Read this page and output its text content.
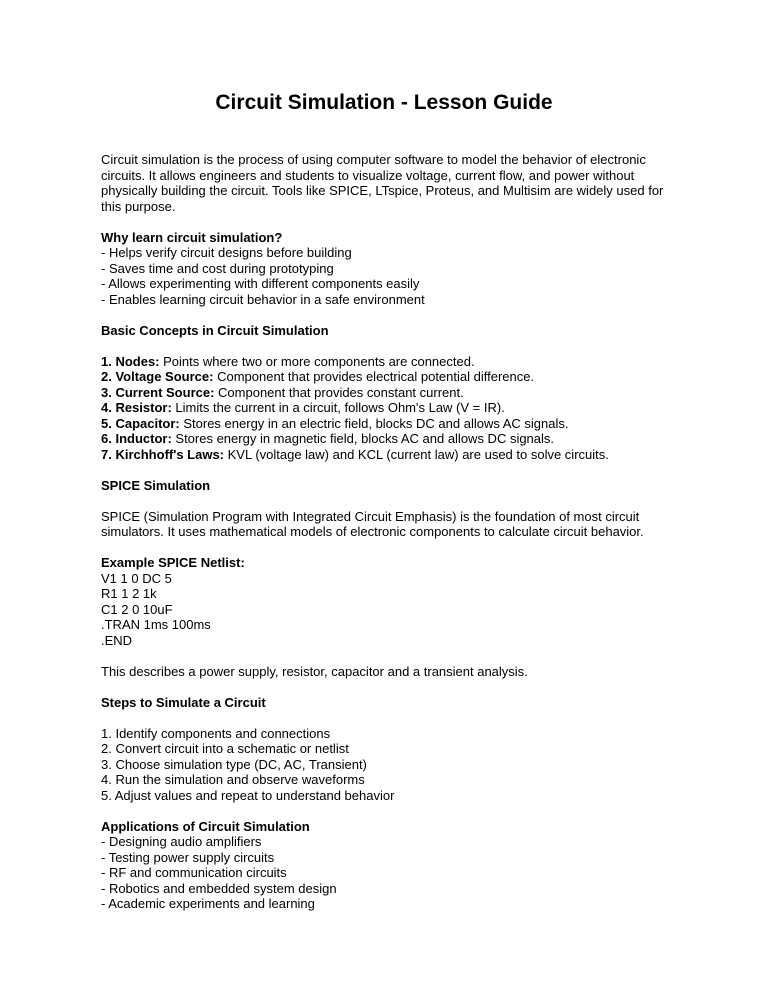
Circuit Simulation - Lesson Guide
Circuit simulation is the process of using computer software to model the behavior of electronic
circuits. It allows engineers and students to visualize voltage, current flow, and power without
physically building the circuit. Tools like SPICE, LTspice, Proteus, and Multisim are widely used for
this purpose.
Why learn circuit simulation?
- Helps verify circuit designs before building
- Saves time and cost during prototyping
- Allows experimenting with different components easily
- Enables learning circuit behavior in a safe environment
Basic Concepts in Circuit Simulation
1. Nodes: Points where two or more components are connected.
2. Voltage Source: Component that provides electrical potential difference.
3. Current Source: Component that provides constant current.
4. Resistor: Limits the current in a circuit, follows Ohm's Law (V = IR).
5. Capacitor: Stores energy in an electric field, blocks DC and allows AC signals.
6. Inductor: Stores energy in magnetic field, blocks AC and allows DC signals.
7. Kirchhoff's Laws: KVL (voltage law) and KCL (current law) are used to solve circuits.
SPICE Simulation
SPICE (Simulation Program with Integrated Circuit Emphasis) is the foundation of most circuit
simulators. It uses mathematical models of electronic components to calculate circuit behavior.
Example SPICE Netlist:
V1 1 0 DC 5
R1 1 2 1k
C1 2 0 10uF
.TRAN 1ms 100ms
.END
This describes a power supply, resistor, capacitor and a transient analysis.
Steps to Simulate a Circuit
1. Identify components and connections
2. Convert circuit into a schematic or netlist
3. Choose simulation type (DC, AC, Transient)
4. Run the simulation and observe waveforms
5. Adjust values and repeat to understand behavior
Applications of Circuit Simulation
- Designing audio amplifiers
- Testing power supply circuits
- RF and communication circuits
- Robotics and embedded system design
- Academic experiments and learning
